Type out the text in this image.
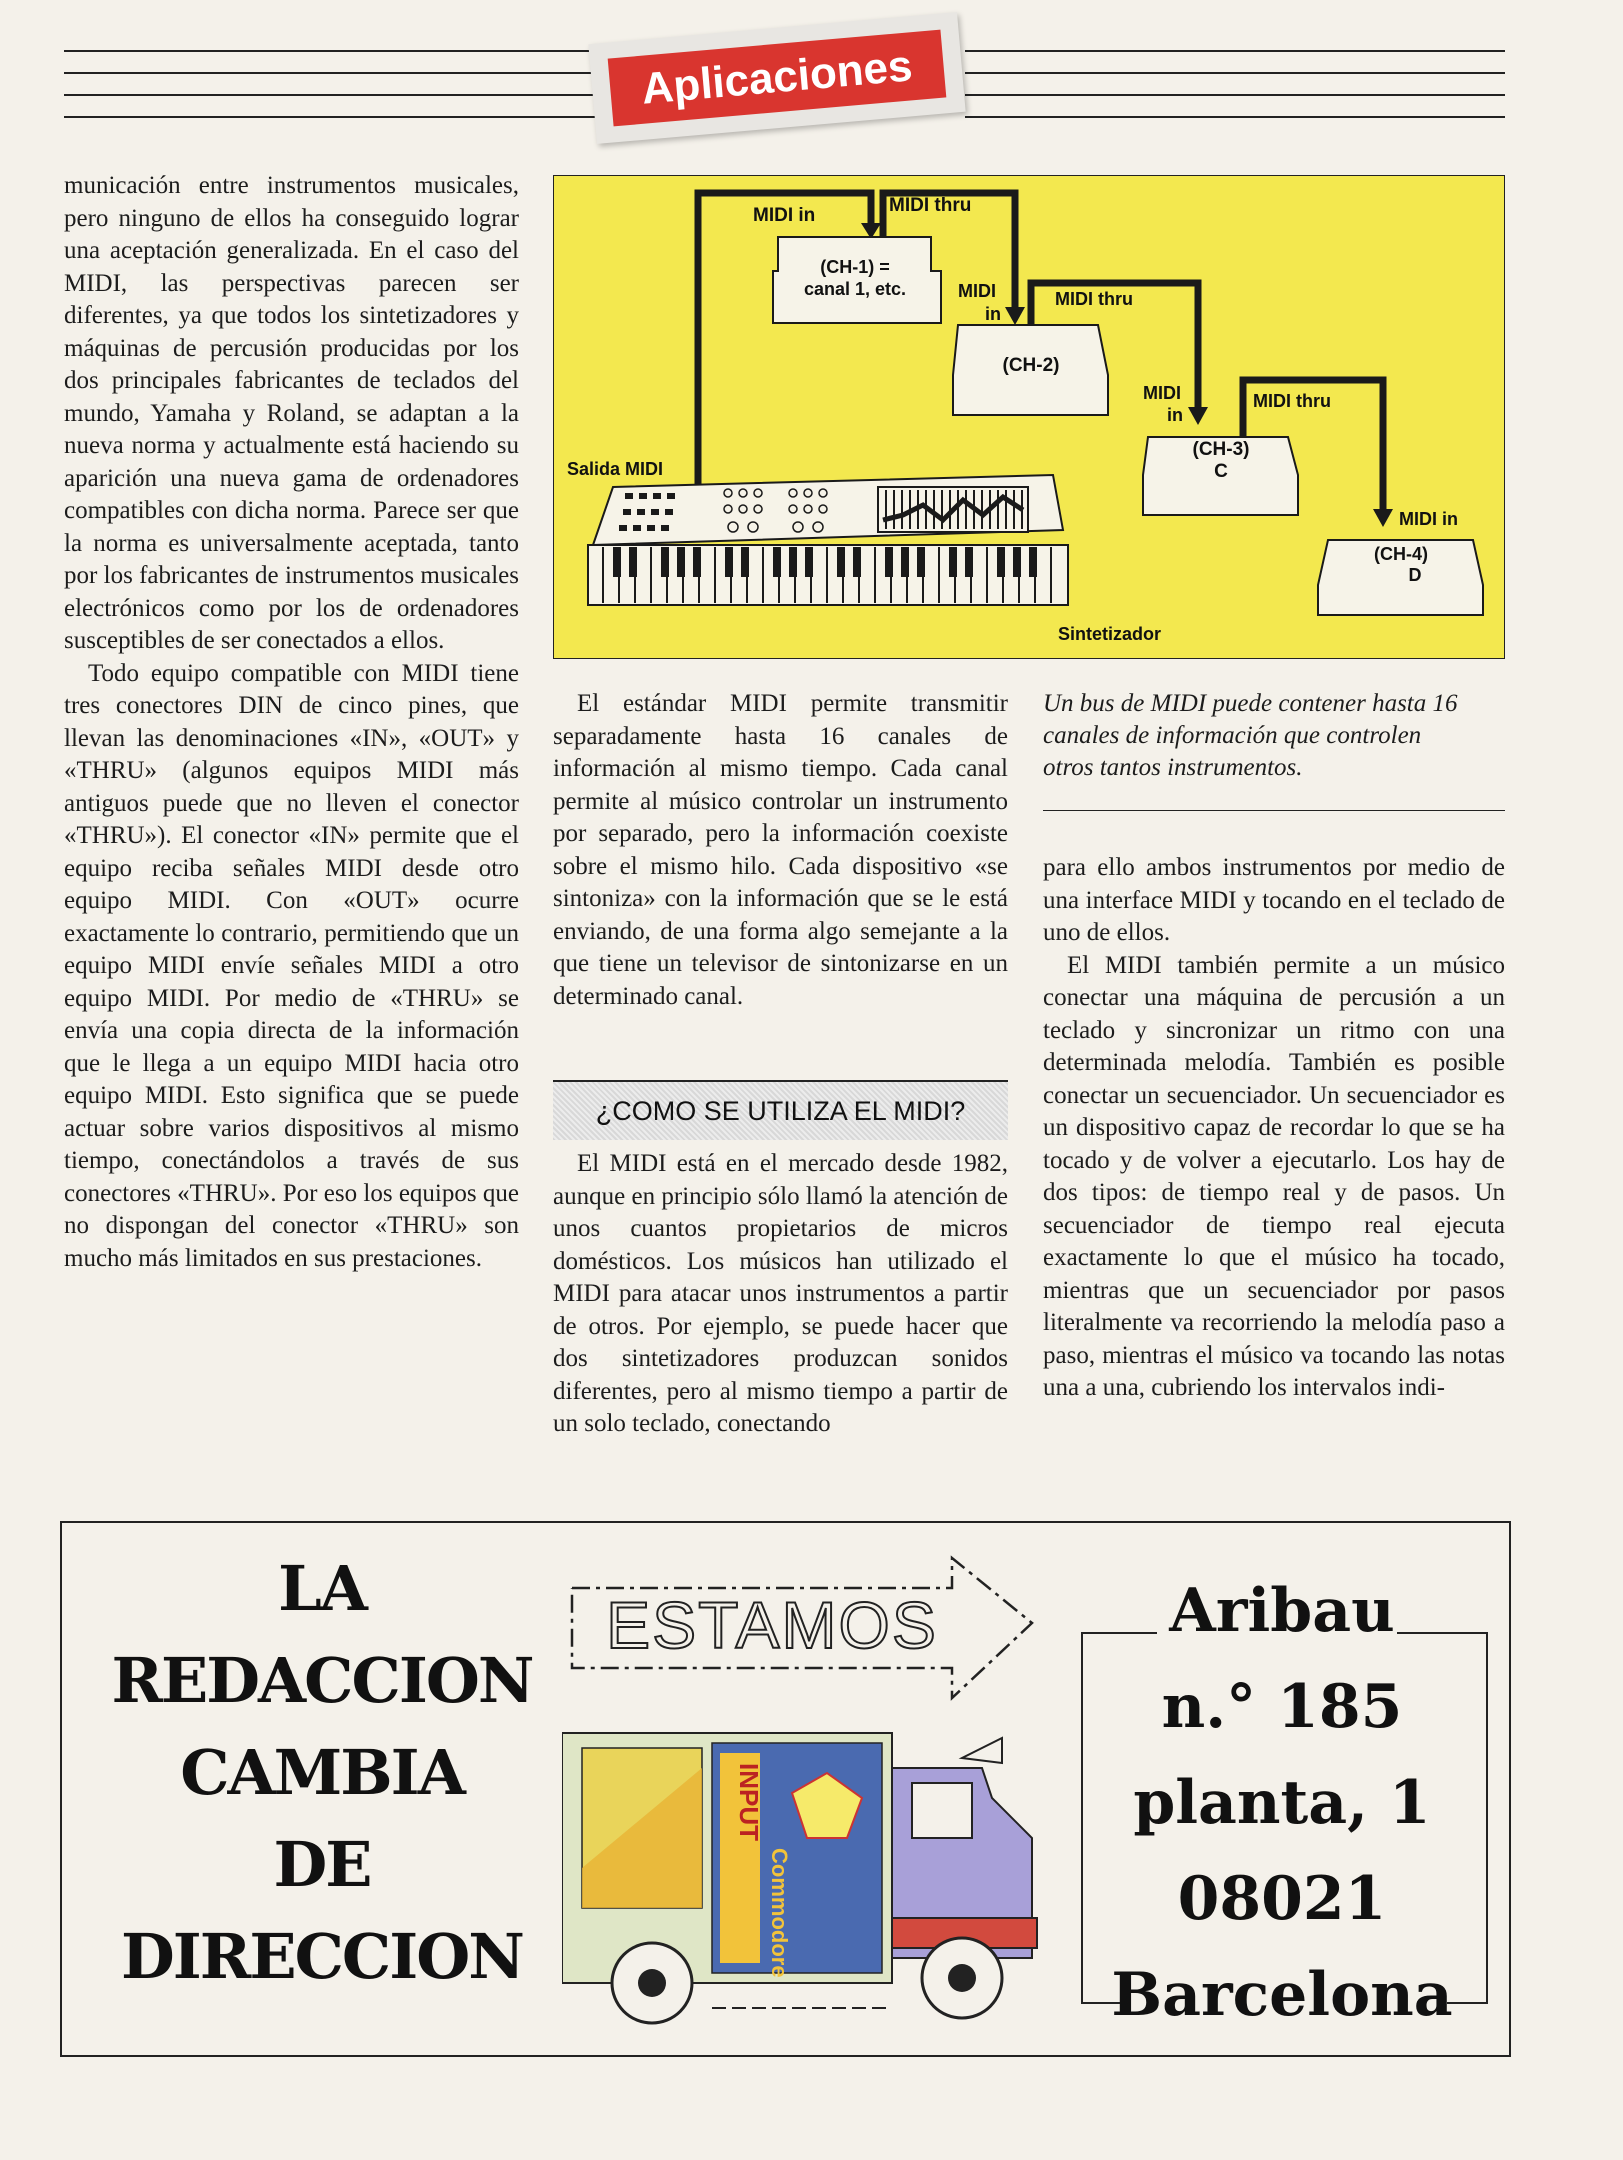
Aplicaciones

municación entre instrumentos musicales, pero ninguno de ellos ha conseguido lograr una aceptación generalizada. En el caso del MIDI, las perspectivas parecen ser diferentes, ya que todos los sintetizadores y máquinas de percusión producidas por los dos principales fabricantes de teclados del mundo, Yamaha y Roland, se adaptan a la nueva norma y actualmente está haciendo su aparición una nueva gama de ordenadores compatibles con dicha norma. Parece ser que la norma es universalmente aceptada, tanto por los fabricantes de instrumentos musicales electrónicos como por los de ordenadores susceptibles de ser conectados a ellos.

Todo equipo compatible con MIDI tiene tres conectores DIN de cinco pines, que llevan las denominaciones «IN», «OUT» y «THRU» (algunos equipos MIDI más antiguos puede que no lleven el conector «THRU»). El conector «IN» permite que el equipo reciba señales MIDI desde otro equipo MIDI. Con «OUT» ocurre exactamente lo contrario, permitiendo que un equipo MIDI envíe señales MIDI a otro equipo MIDI. Por medio de «THRU» se envía una copia directa de la información que le llega a un equipo MIDI hacia otro equipo MIDI. Esto significa que se puede actuar sobre varios dispositivos al mismo tiempo, conectándolos a través de sus conectores «THRU». Por eso los equipos que no dispongan del conector «THRU» son mucho más limitados en sus prestaciones.

MIDI in	MIDI thru
(CH-1) =
canal 1, etc.	MIDI
in
MIDI thru
(CH-2)
MIDI
in
MIDI thru
(CH-3)
C
MIDI in
(CH-4)
D
Salida MIDI
Sintetizador

El estándar MIDI permite transmitir separadamente hasta 16 canales de información al mismo tiempo. Cada canal permite al músico controlar un instrumento por separado, pero la información coexiste sobre el mismo hilo. Cada dispositivo «se sintoniza» con la información que se le está enviando, de una forma algo semejante a la que tiene un televisor de sintonizarse en un determinado canal.

¿COMO SE UTILIZA EL MIDI?

El MIDI está en el mercado desde 1982, aunque en principio sólo llamó la atención de unos cuantos propietarios de micros domésticos. Los músicos han utilizado el MIDI para atacar unos instrumentos a partir de otros. Por ejemplo, se puede hacer que dos sintetizadores produzcan sonidos diferentes, pero al mismo tiempo a partir de un solo teclado, conectando

Un bus de MIDI puede contener hasta 16 canales de información que controlen otros tantos instrumentos.

para ello ambos instrumentos por medio de una interface MIDI y tocando en el teclado de uno de ellos.

El MIDI también permite a un músico conectar una máquina de percusión a un teclado y sincronizar un ritmo con una determinada melodía. También es posible conectar un secuenciador. Un secuenciador es un dispositivo capaz de recordar lo que se ha tocado y de volver a ejecutarlo. Los hay de dos tipos: de tiempo real y de pasos. Un secuenciador de tiempo real ejecuta exactamente lo que el músico ha tocado, mientras que un secuenciador por pasos literalmente va recorriendo la melodía paso a paso, mientras el músico va tocando las notas una a una, cubriendo los intervalos indi-

LA
REDACCION
CAMBIA
DE
DIRECCION
ESTAMOS
INPUT
Commodore
Aribau
n.° 185
planta, 1
08021
Barcelona
